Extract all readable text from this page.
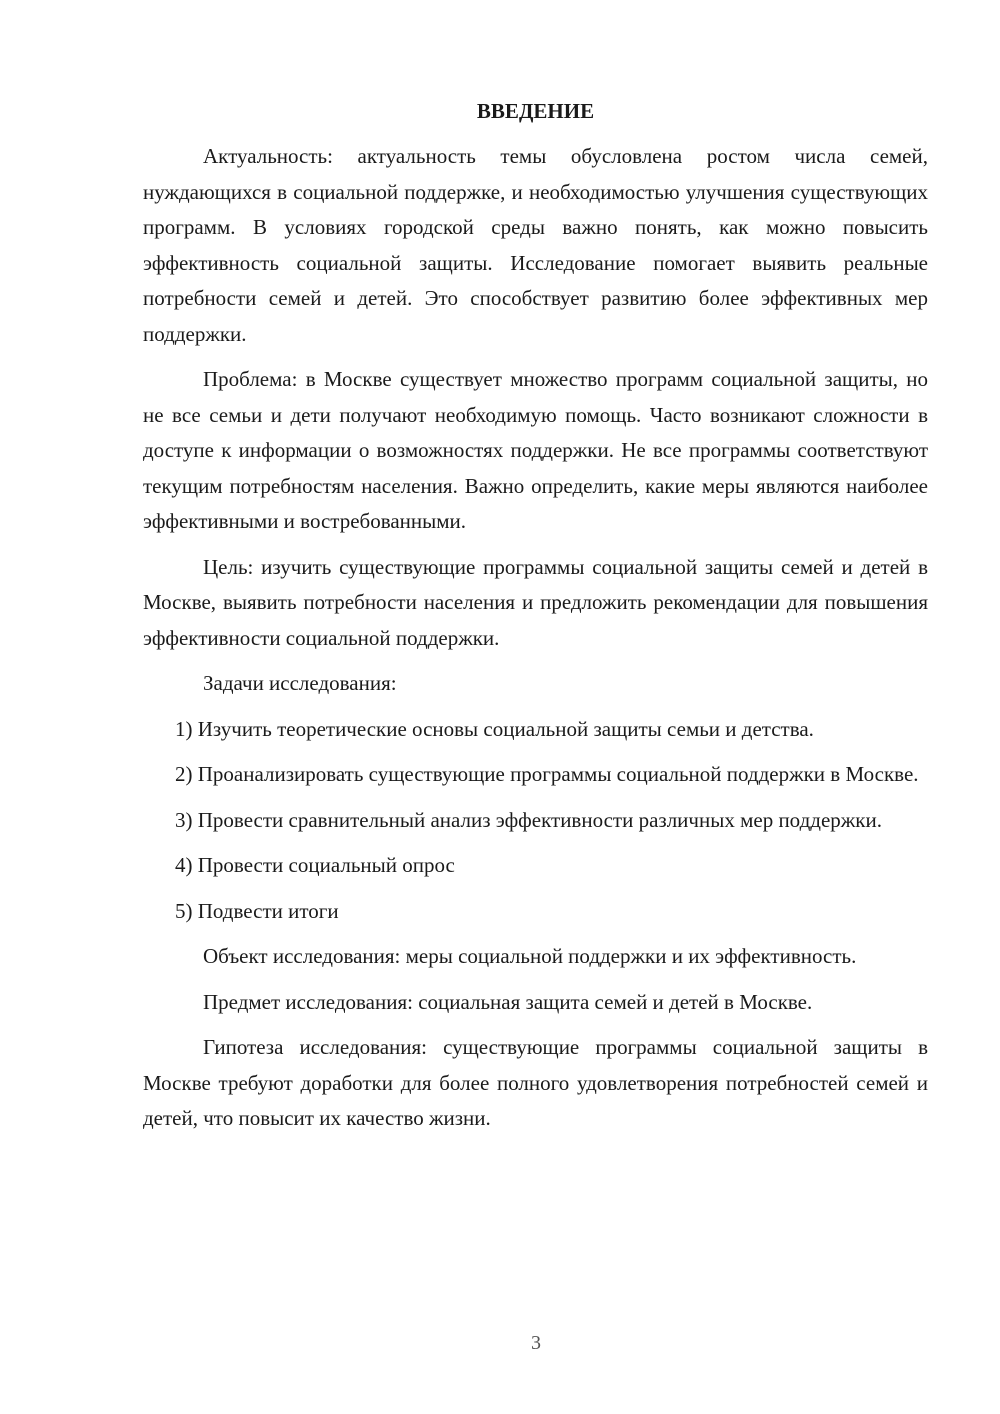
ВВЕДЕНИЕ

Актуальность: актуальность темы обусловлена ростом числа семей, нуждающихся в социальной поддержке, и необходимостью улучшения существующих программ. В условиях городской среды важно понять, как можно повысить эффективность социальной защиты. Исследование помогает выявить реальные потребности семей и детей. Это способствует развитию более эффективных мер поддержки.

Проблема: в Москве существует множество программ социальной защиты, но не все семьи и дети получают необходимую помощь. Часто возникают сложности в доступе к информации о возможностях поддержки. Не все программы соответствуют текущим потребностям населения. Важно определить, какие меры являются наиболее эффективными и востребованными.

Цель: изучить существующие программы социальной защиты семей и детей в Москве, выявить потребности населения и предложить рекомендации для повышения эффективности социальной поддержки.

Задачи исследования:

1) Изучить теоретические основы социальной защиты семьи и детства.

2) Проанализировать существующие программы социальной поддержки в Москве.

3) Провести сравнительный анализ эффективности различных мер поддержки.

4) Провести социальный опрос

5) Подвести итоги

Объект исследования: меры социальной поддержки и их эффективность.

Предмет исследования: социальная защита семей и детей в Москве.

Гипотеза исследования: существующие программы социальной защиты в Москве требуют доработки для более полного удовлетворения потребностей семей и детей, что повысит их качество жизни.

3
